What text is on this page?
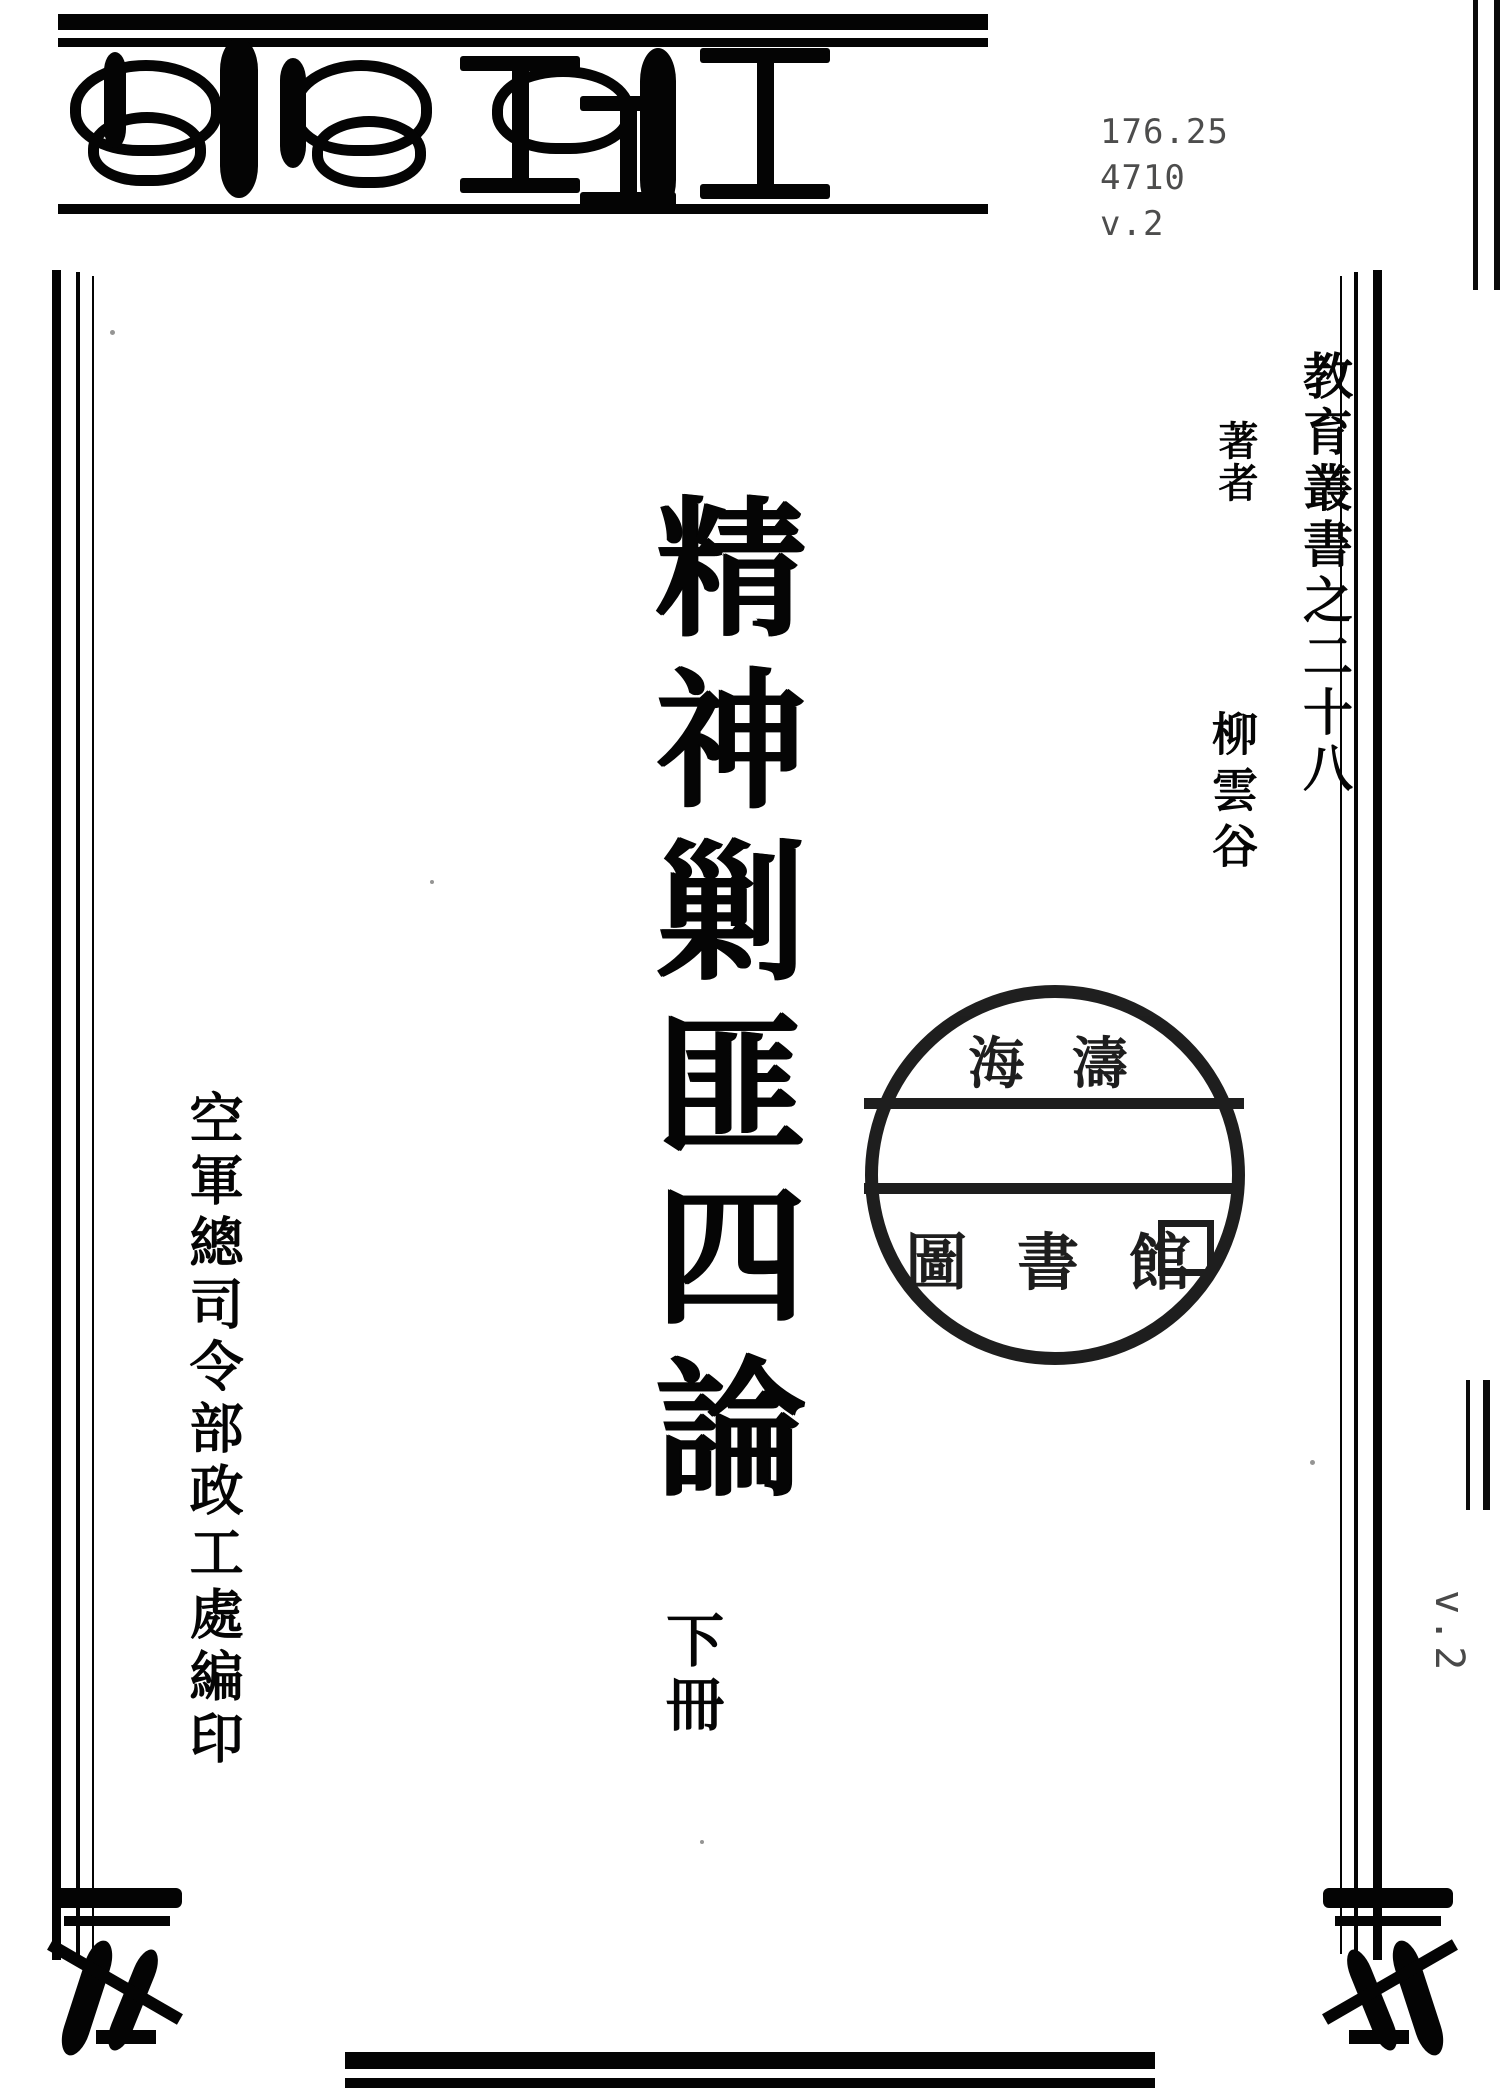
教育叢書之二十八
著者
柳雲谷
精神剿匪四論
下冊
空軍總司令部政工處編印
176.25
4710
v.2
v.2
海 濤
圖 書 館
